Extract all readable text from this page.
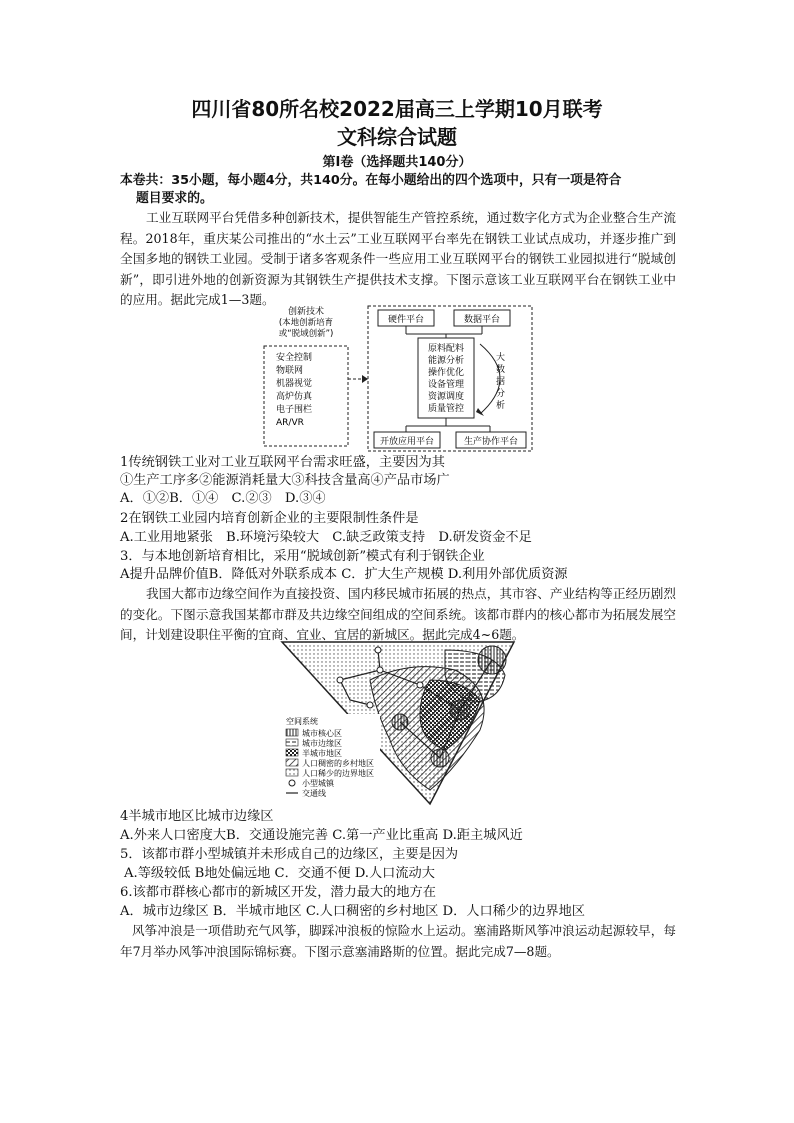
四川省80所名校2022届高三上学期10月联考
文科综合试题
第Ⅰ卷（选择题共140分）
本卷共：35小题，每小题4分，共140分。在每小题给出的四个选项中，只有一项是符合
题目要求的。
工业互联网平台凭借多种创新技术，提供智能生产管控系统，通过数字化方式为企业整合生产流程。2018年，重庆某公司推出的“水土云”工业互联网平台率先在钢铁工业试点成功，并逐步推广到全国多地的钢铁工业园。受制于诸多客观条件一些应用工业互联网平台的钢铁工业园拟进行“脱域创新”，即引进外地的创新资源为其钢铁生产提供技术支撑。下图示意该工业互联网平台在钢铁工业中的应用。据此完成1—3题。
创新技术
(本地创新培育
或“脱域创新”)
安全控制
物联网
机器视觉
高炉仿真
电子围栏
AR/VR
硬件平台	数据平台
原料配料
能源分析
操作优化
设备管理
资源调度
质量管控
大
数
据
分
析
开放应用平台	生产协作平台
1传统钢铁工业对工业互联网平台需求旺盛，主要因为其
①生产工序多②能源消耗量大③科技含量高④产品市场广
A．①②B．①④　C.②③　D.③④
2在钢铁工业园内培育创新企业的主要限制性条件是
A.工业用地紧张　B.环境污染较大　C.缺乏政策支持　D.研发资金不足
3．与本地创新培育相比，采用“脱域创新”模式有利于钢铁企业
A提升品牌价值B．降低对外联系成本 C．扩大生产规模 D.利用外部优质资源
我国大都市边缘空间作为直接投资、国内移民城市拓展的热点，其市容、产业结构等正经历剧烈的变化。下图示意我国某都市群及共边缘空间组成的空间系统。该都市群内的核心都市为拓展发展空间，计划建设职住平衡的宜商、宜业、宜居的新城区。据此完成4~6题。
空间系统
城市核心区
城市边缘区
半城市地区
人口稠密的乡村地区
人口稀少的边界地区
小型城镇
交通线
4半城市地区比城市边缘区
A.外来人口密度大B．交通设施完善 C.第一产业比重高 D.距主城风近
5．该都市群小型城镇并未形成自己的边缘区，主要是因为
A.等级较低 B地处偏远地 C．交通不便 D.人口流动大
6.该都市群核心都市的新城区开发，潜力最大的地方在
A．城市边缘区 B．半城市地区 C.人口稠密的乡村地区 D．人口稀少的边界地区
风筝冲浪是一项借助充气风筝，脚踩冲浪板的惊险水上运动。塞浦路斯风筝冲浪运动起源较早，每年7月举办风筝冲浪国际锦标赛。下图示意塞浦路斯的位置。据此完成7—8题。
